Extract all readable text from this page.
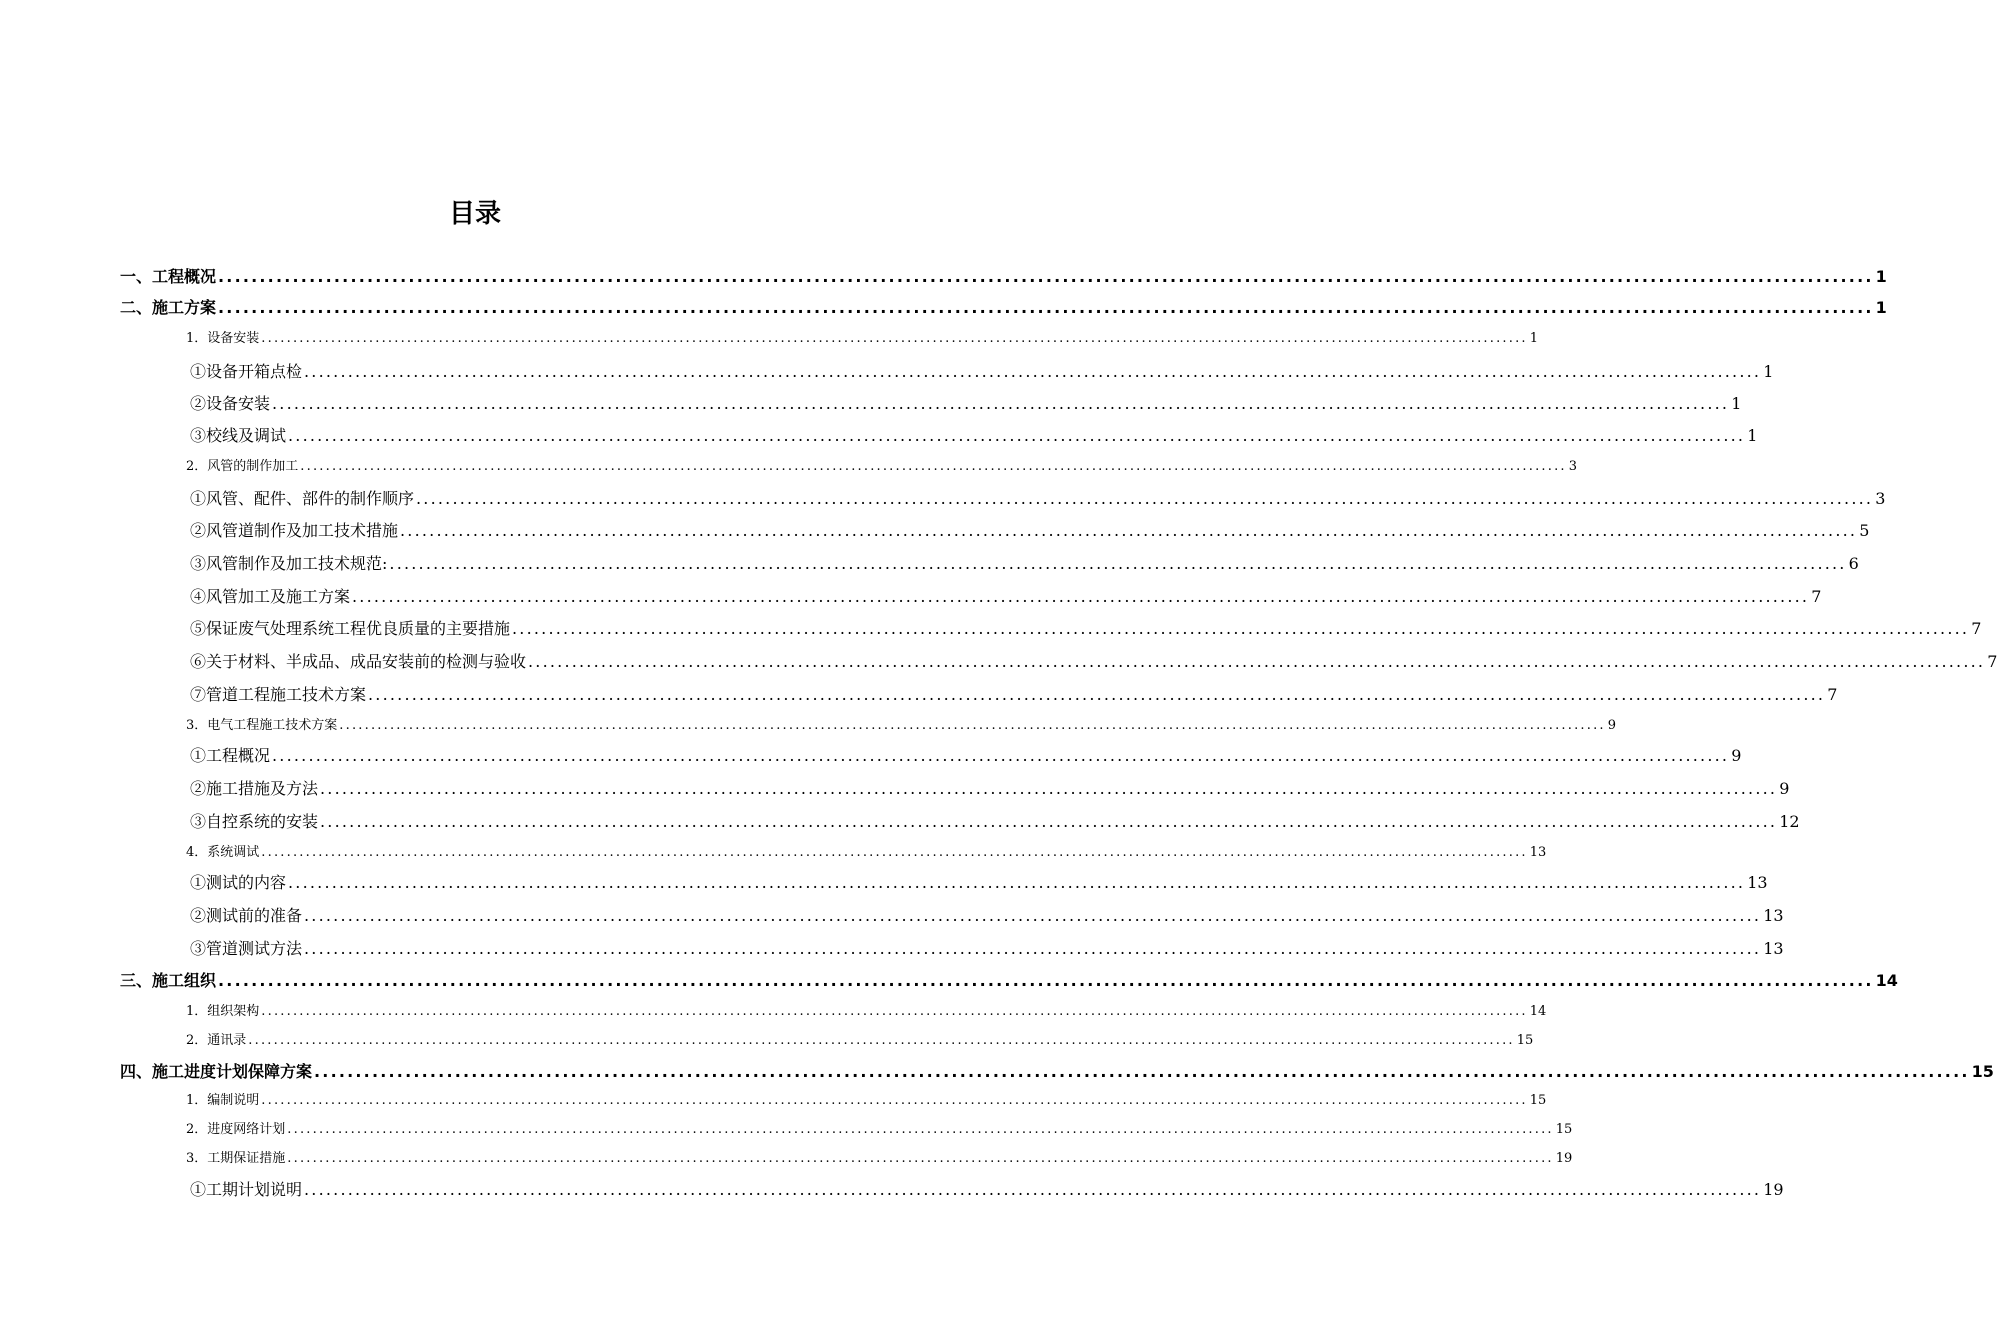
目录
一、工程概况 ........................................................................................................................................................................................................ 1
二、施工方案 ........................................................................................................................................................................................................ 1
1．设备安装 ........................................................................................................................................................................................................ 1
①设备开箱点检 ........................................................................................................................................................................................................ 1
②设备安装 ........................................................................................................................................................................................................ 1
③校线及调试 ........................................................................................................................................................................................................ 1
2．风管的制作加工 ........................................................................................................................................................................................................ 3
①风管、配件、部件的制作顺序 ........................................................................................................................................................................................................ 3
②风管道制作及加工技术措施 ........................................................................................................................................................................................................ 5
③风管制作及加工技术规范: ........................................................................................................................................................................................................ 6
④风管加工及施工方案 ........................................................................................................................................................................................................ 7
⑤保证废气处理系统工程优良质量的主要措施 ........................................................................................................................................................................................................ 7
⑥关于材料、半成品、成品安装前的检测与验收 ........................................................................................................................................................................................................ 7
⑦管道工程施工技术方案 ........................................................................................................................................................................................................ 7
3．电气工程施工技术方案 ........................................................................................................................................................................................................ 9
①工程概况 ........................................................................................................................................................................................................ 9
②施工措施及方法 ........................................................................................................................................................................................................ 9
③自控系统的安装 ........................................................................................................................................................................................................ 12
4．系统调试 ........................................................................................................................................................................................................ 13
①测试的内容 ........................................................................................................................................................................................................ 13
②测试前的准备 ........................................................................................................................................................................................................ 13
③管道测试方法 ........................................................................................................................................................................................................ 13
三、施工组织 ........................................................................................................................................................................................................ 14
1．组织架构 ........................................................................................................................................................................................................ 14
2．通讯录 ........................................................................................................................................................................................................ 15
四、施工进度计划保障方案 ........................................................................................................................................................................................................ 15
1．编制说明 ........................................................................................................................................................................................................ 15
2．进度网络计划 ........................................................................................................................................................................................................ 15
3．工期保证措施 ........................................................................................................................................................................................................ 19
①工期计划说明 ........................................................................................................................................................................................................ 19
